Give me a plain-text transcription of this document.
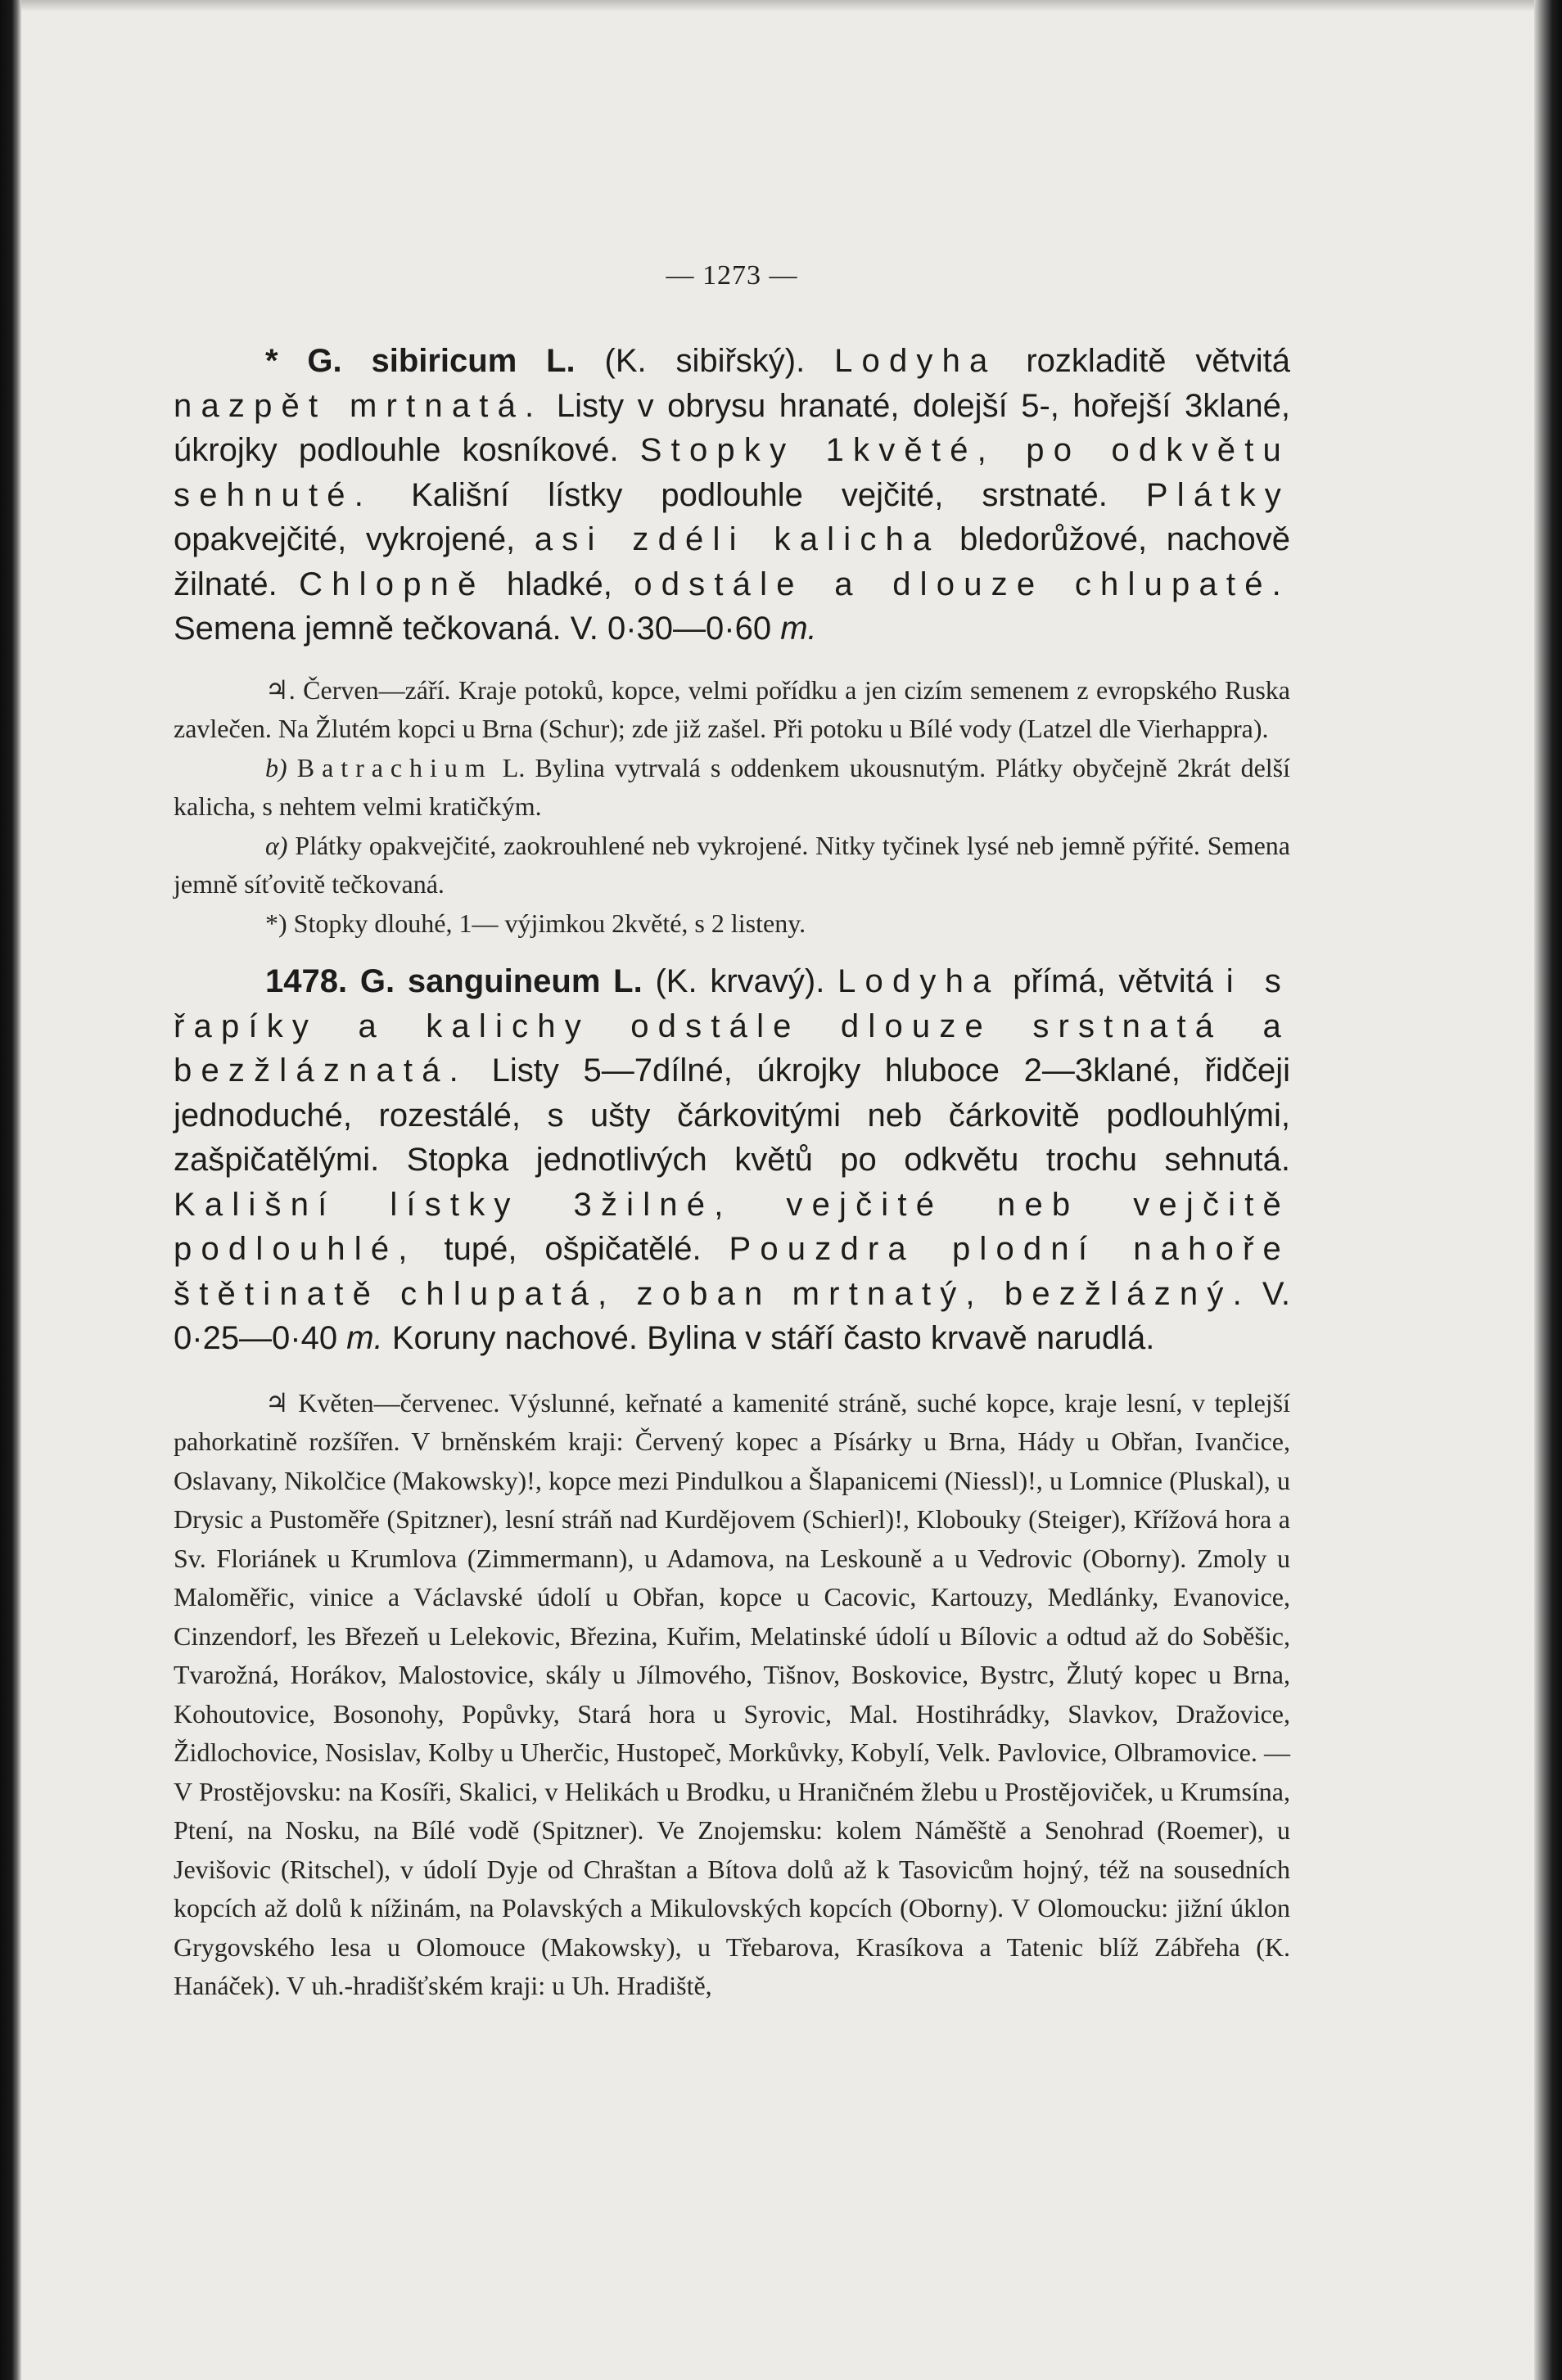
— 1273 —

* G. sibiricum L. (K. sibiřský). Lodyha rozkladitě větvitá nazpět mrtnatá. Listy v obrysu hranaté, dolejší 5-, hořejší 3klané, úkrojky podlouhle kosníkové. Stopky 1květé, po odkvětu sehnuté. Kališní lístky podlouhle vejčité, srstnaté. Plátky opakvejčité, vykrojené, asi zdéli kalicha bledorůžové, nachově žilnaté. Chlopně hladké, odstále a dlouze chlupaté. Semena jemně tečkovaná. V. 0·30—0·60 m.

♃. Červen—září. Kraje potoků, kopce, velmi pořídku a jen cizím semenem z evropského Ruska zavlečen. Na Žlutém kopci u Brna (Schur); zde již zašel. Při potoku u Bílé vody (Latzel dle Vierhappra).

b) Batrachium L. Bylina vytrvalá s oddenkem ukousnutým. Plátky obyčejně 2krát delší kalicha, s nehtem velmi kratičkým.

α) Plátky opakvejčité, zaokrouhlené neb vykrojené. Nitky tyčinek lysé neb jemně pýřité. Semena jemně síťovitě tečkovaná.

*) Stopky dlouhé, 1— výjimkou 2květé, s 2 listeny.

1478. G. sanguineum L. (K. krvavý). Lodyha přímá, větvitá i s řapíky a kalichy odstále dlouze srstnatá a bezžláznatá. Listy 5—7dílné, úkrojky hluboce 2—3klané, řidčeji jednoduché, rozestálé, s ušty čárkovitými neb čárkovitě podlouhlými, zašpičatělými. Stopka jednotlivých květů po odkvětu trochu sehnutá. Kališní lístky 3žilné, vejčité neb vejčitě podlouhlé, tupé, ošpičatělé. Pouzdra plodní nahoře štětinatě chlupatá, zoban mrtnatý, bezžlázný. V. 0·25—0·40 m. Koruny nachové. Bylina v stáří často krvavě narudlá.

♃ Květen—červenec. Výslunné, keřnaté a kamenité stráně, suché kopce, kraje lesní, v teplejší pahorkatině rozšířen. V brněnském kraji: Červený kopec a Písárky u Brna, Hády u Obřan, Ivančice, Oslavany, Nikolčice (Makowsky)!, kopce mezi Pindulkou a Šlapanicemi (Niessl)!, u Lomnice (Pluskal), u Drysic a Pustoměře (Spitzner), lesní stráň nad Kurdějovem (Schierl)!, Klobouky (Steiger), Křížová hora a Sv. Floriánek u Krumlova (Zimmermann), u Adamova, na Leskouně a u Vedrovic (Oborny). Zmoly u Maloměřic, vinice a Václavské údolí u Obřan, kopce u Cacovic, Kartouzy, Medlánky, Evanovice, Cinzendorf, les Březeň u Lelekovic, Březina, Kuřim, Melatinské údolí u Bílovic a odtud až do Soběšic, Tvarožná, Horákov, Malostovice, skály u Jílmového, Tišnov, Boskovice, Bystrc, Žlutý kopec u Brna, Kohoutovice, Bosonohy, Popůvky, Stará hora u Syrovic, Mal. Hostihrádky, Slavkov, Dražovice, Židlochovice, Nosislav, Kolby u Uherčic, Hustopeč, Morkůvky, Kobylí, Velk. Pavlovice, Olbramovice. — V Prostějovsku: na Kosíři, Skalici, v Helikách u Brodku, u Hraničném žlebu u Prostějoviček, u Krumsína, Ptení, na Nosku, na Bílé vodě (Spitzner). Ve Znojemsku: kolem Náměště a Senohrad (Roemer), u Jevišovic (Ritschel), v údolí Dyje od Chraštan a Bítova dolů až k Tasovicům hojný, též na sousedních kopcích až dolů k nížinám, na Polavských a Mikulovských kopcích (Oborny). V Olomoucku: jižní úklon Grygovského lesa u Olomouce (Makowsky), u Třebarova, Krasíkova a Tatenic blíž Zábřeha (K. Hanáček). V uh.-hradišťském kraji: u Uh. Hradiště,
